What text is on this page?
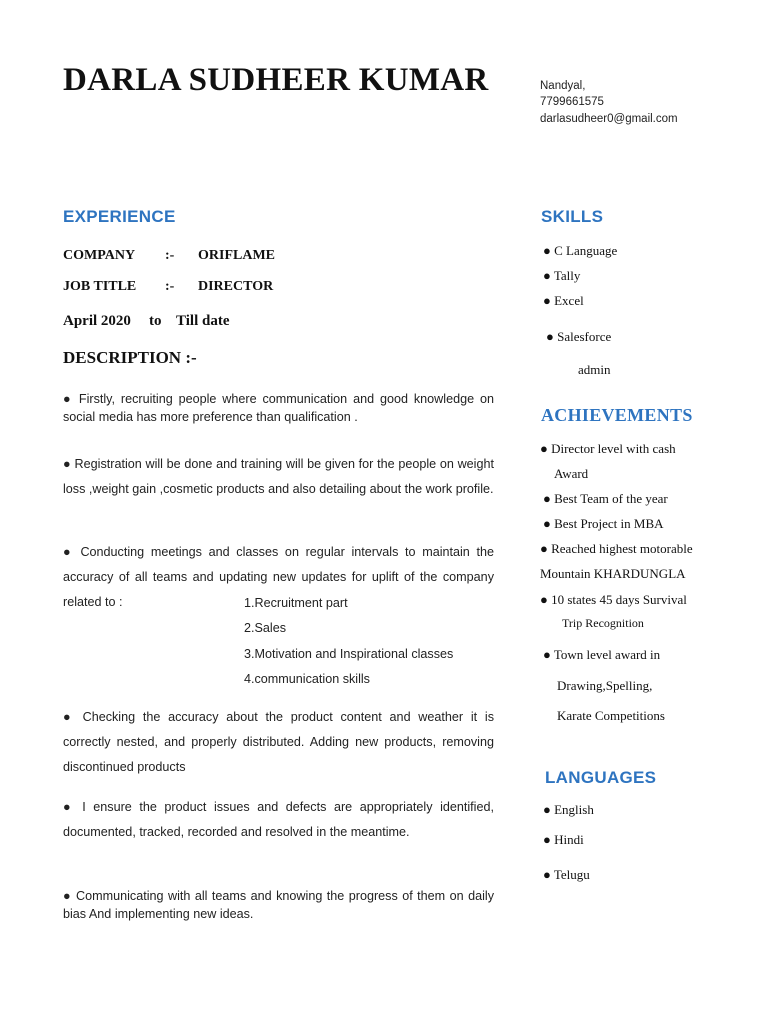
DARLA SUDHEER KUMAR	Nandyal,
7799661575
darlasudheer0@gmail.com
EXPERIENCE
COMPANY :- ORIFLAME
JOB TITLE :- DIRECTOR
April 2020 to Till date
DESCRIPTION :-
● Firstly, recruiting people where communication and good knowledge on social media has more preference than qualification .
● Registration will be done and training will be given for the people on weight loss ,weight gain ,cosmetic products and also detailing about the work profile.
● Conducting meetings and classes on regular intervals to maintain the accuracy of all teams and updating new updates for uplift of the company related to :	1.Recruitment part
2.Sales
3.Motivation and Inspirational classes
4.communication skills
● Checking the accuracy about the product content and weather it is correctly nested, and properly distributed. Adding new products, removing discontinued products
● I ensure the product issues and defects are appropriately identified, documented, tracked, recorded and resolved in the meantime.
● Communicating with all teams and knowing the progress of them on daily bias And implementing new ideas.
SKILLS
● C Language
● Tally
● Excel
● Salesforce
admin
ACHIEVEMENTS
● Director level with cash
Award
● Best Team of the year
● Best Project in MBA
● Reached highest motorable
Mountain KHARDUNGLA
● 10 states 45 days Survival
Trip Recognition
● Town level award in
Drawing,Spelling,
Karate Competitions
LANGUAGES
● English
● Hindi
● Telugu
